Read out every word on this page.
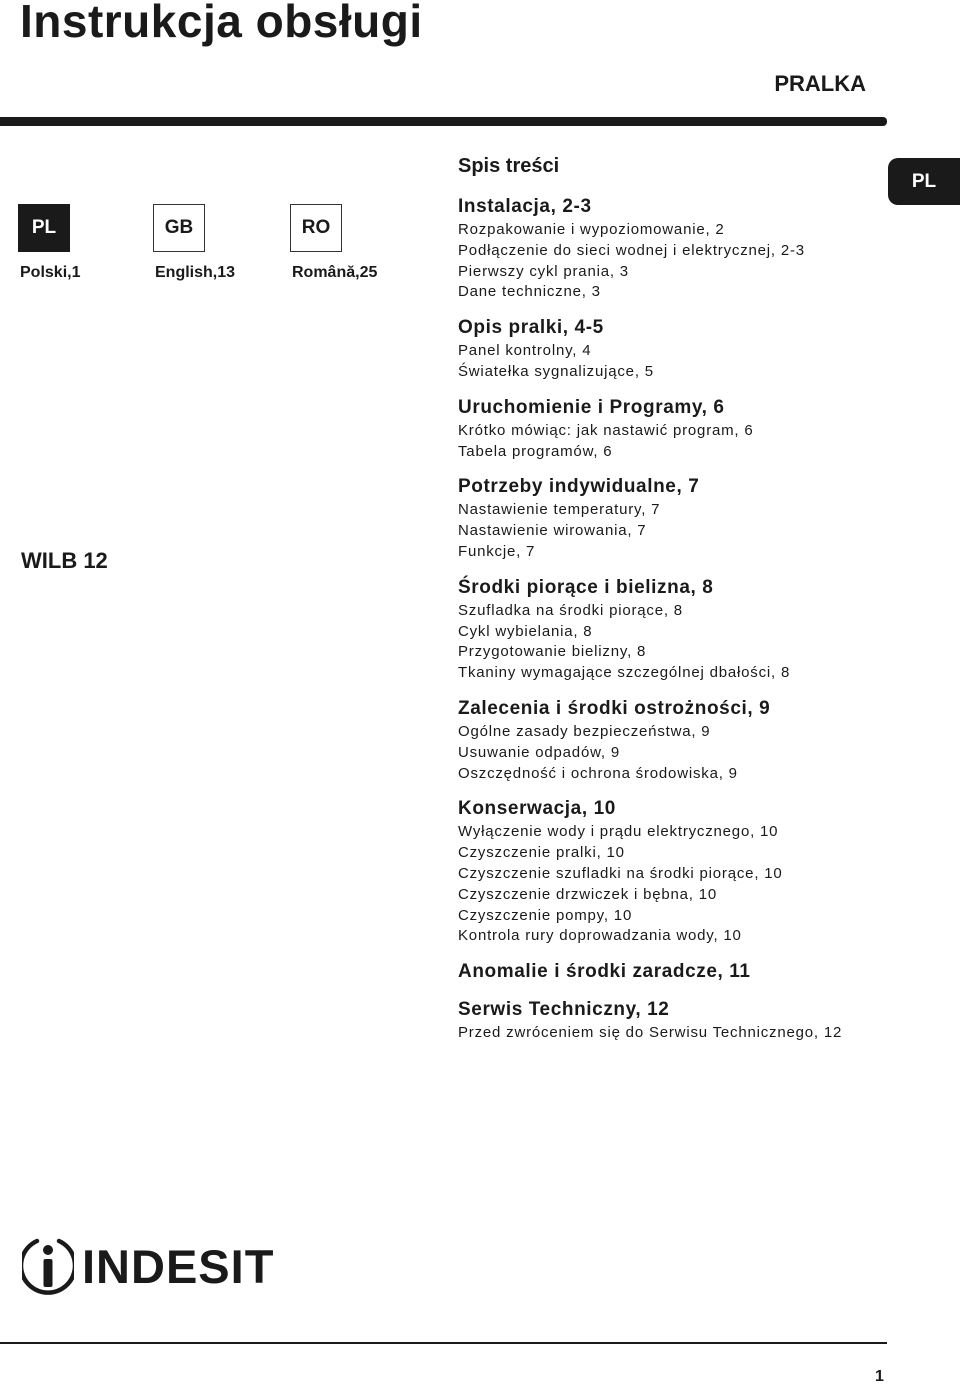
Instrukcja obsługi
PRALKA
PL
PL	GB	RO
Polski,1	English,13	Română,25
WILB 12
Spis treści
Instalacja, 2-3
Rozpakowanie i wypoziomowanie, 2
Podłączenie do sieci wodnej i elektrycznej, 2-3
Pierwszy cykl prania, 3
Dane techniczne, 3
Opis pralki, 4-5
Panel kontrolny, 4
Światełka sygnalizujące, 5
Uruchomienie i Programy, 6
Krótko mówiąc: jak nastawić program, 6
Tabela programów, 6
Potrzeby indywidualne, 7
Nastawienie temperatury, 7
Nastawienie wirowania, 7
Funkcje, 7
Środki piorące i bielizna, 8
Szufladka na środki piorące, 8
Cykl wybielania, 8
Przygotowanie bielizny, 8
Tkaniny wymagające szczególnej dbałości, 8
Zalecenia i środki ostrożności, 9
Ogólne zasady bezpieczeństwa, 9
Usuwanie odpadów, 9
Oszczędność i ochrona środowiska, 9
Konserwacja, 10
Wyłączenie wody i prądu elektrycznego, 10
Czyszczenie pralki, 10
Czyszczenie szufladki na środki piorące, 10
Czyszczenie drzwiczek i bębna, 10
Czyszczenie pompy, 10
Kontrola rury doprowadzania wody, 10
Anomalie i środki zaradcze, 11
Serwis Techniczny, 12
Przed zwróceniem się do Serwisu Technicznego, 12
INDESIT
1
